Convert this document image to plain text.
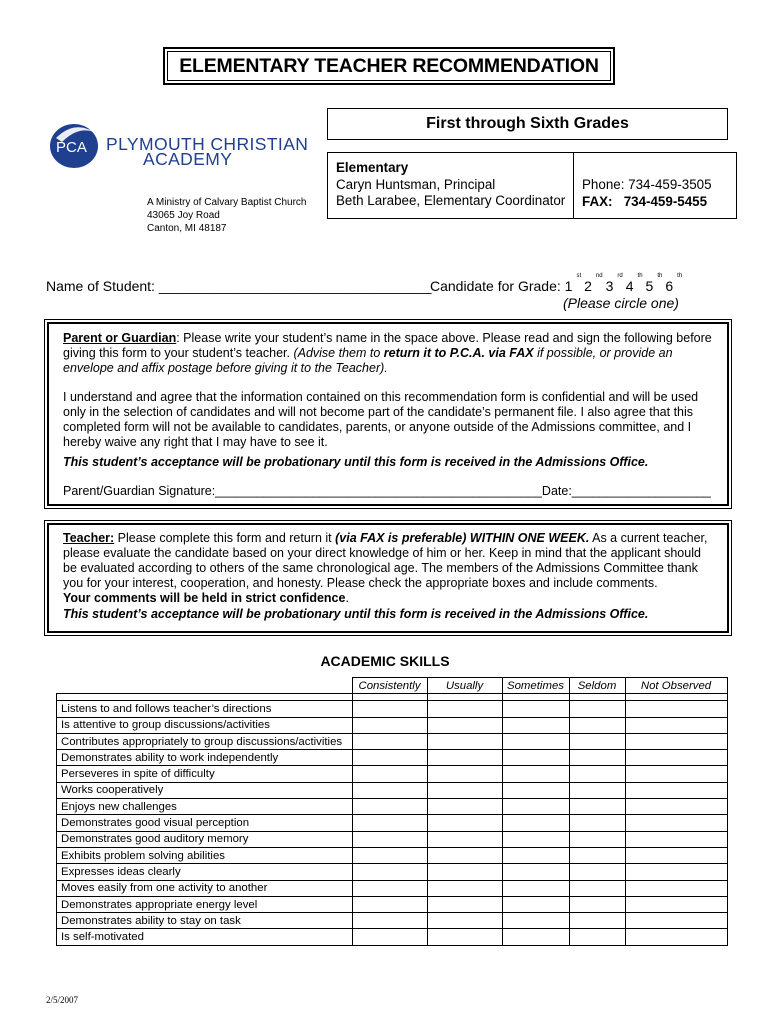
ELEMENTARY TEACHER RECOMMENDATION
PCA PLYMOUTH CHRISTIAN
ACADEMY
A Ministry of Calvary Baptist Church
43065 Joy Road
Canton, MI 48187
First through Sixth Grades
Elementary
Caryn Huntsman, Principal
Beth Larabee, Elementary Coordinator
Phone: 734-459-3505
FAX: 734-459-5455
Name of Student: ___________________________________
Candidate for Grade: 1st2nd3rd4th5th6th
(Please circle one)

Parent or Guardian: Please write your student’s name in the space above. Please read and sign the following before giving this form to your student’s teacher. (Advise them to return it to P.C.A. via FAX if possible, or provide an envelope and affix postage before giving it to the Teacher).

I understand and agree that the information contained on this recommendation form is confidential and will be used only in the selection of candidates and will not become part of the candidate’s permanent file. I also agree that this completed form will not be available to candidates, parents, or anyone outside of the Admissions committee, and I hereby waive any right that I may have to see it.

This student’s acceptance will be probationary until this form is received in the Admissions Office.

Parent/Guardian Signature:_______________________________________________Date:____________________

Teacher: Please complete this form and return it (via FAX is preferable) WITHIN ONE WEEK. As a current teacher, please evaluate the candidate based on your direct knowledge of him or her. Keep in mind that the applicant should be evaluated according to others of the same chronological age. The members of the Admissions Committee thank you for your interest, cooperation, and honesty. Please check the appropriate boxes and include comments.

Your comments will be held in strict confidence.

This student’s acceptance will be probationary until this form is received in the Admissions Office.

ACADEMIC SKILLS
	Consistently	Usually	Sometimes	Seldom	Not Observed

Listens to and follows teacher’s directions					
Is attentive to group discussions/activities					
Contributes appropriately to group discussions/activities					
Demonstrates ability to work independently					
Perseveres in spite of difficulty					
Works cooperatively					
Enjoys new challenges					
Demonstrates good visual perception					
Demonstrates good auditory memory					
Exhibits problem solving abilities					
Expresses ideas clearly					
Moves easily from one activity to another					
Demonstrates appropriate energy level					
Demonstrates ability to stay on task					
Is self-motivated					
2/5/2007
